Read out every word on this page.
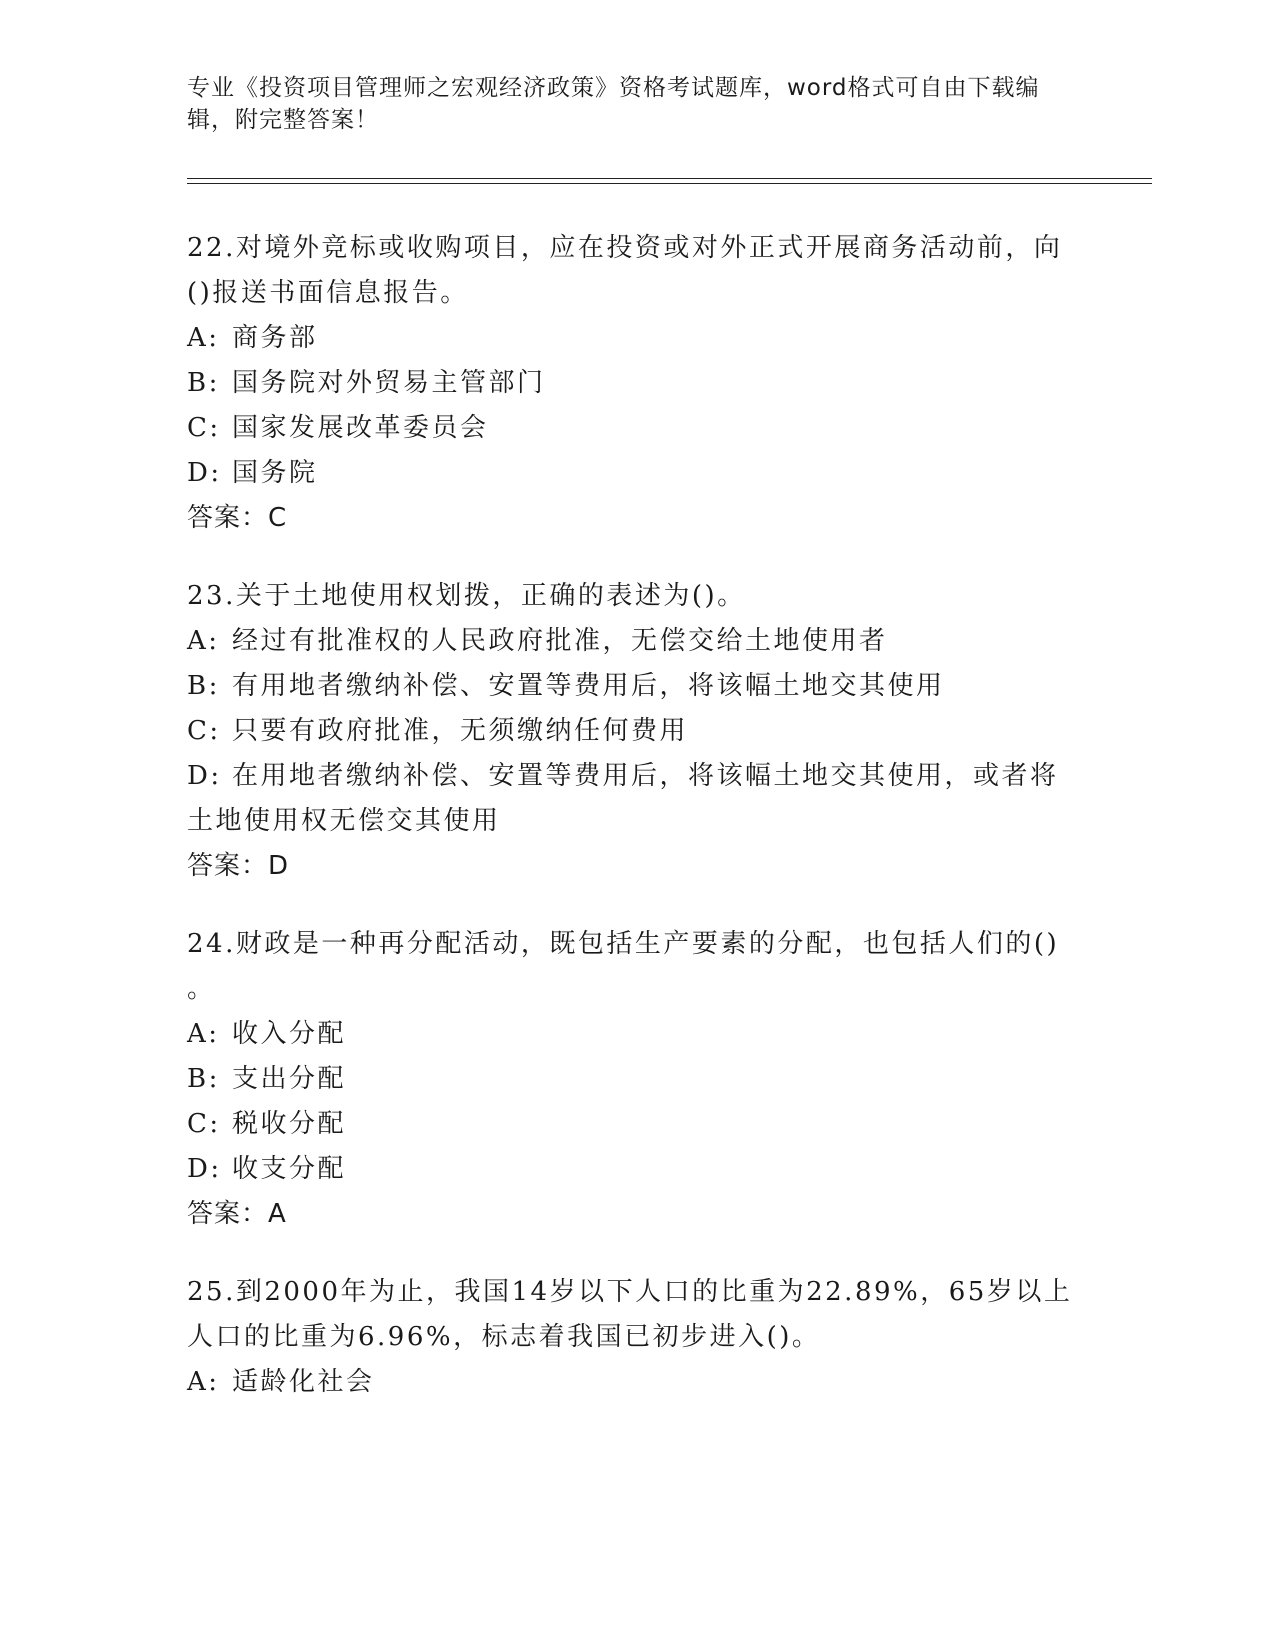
专业《投资项目管理师之宏观经济政策》资格考试题库，word格式可自由下载编
辑，附完整答案！

22.对境外竞标或收购项目，应在投资或对外正式开展商务活动前，向
()报送书面信息报告。
A: 商务部
B: 国务院对外贸易主管部门
C: 国家发展改革委员会
D: 国务院
答案：C
23.关于土地使用权划拨，正确的表述为()。
A: 经过有批准权的人民政府批准，无偿交给土地使用者
B: 有用地者缴纳补偿、安置等费用后，将该幅土地交其使用
C: 只要有政府批准，无须缴纳任何费用
D: 在用地者缴纳补偿、安置等费用后，将该幅土地交其使用，或者将
土地使用权无偿交其使用
答案：D
24.财政是一种再分配活动，既包括生产要素的分配，也包括人们的()
。
A: 收入分配
B: 支出分配
C: 税收分配
D: 收支分配
答案：A
25.到2000年为止，我国14岁以下人口的比重为22.89%，65岁以上
人口的比重为6.96%，标志着我国已初步进入()。
A: 适龄化社会
